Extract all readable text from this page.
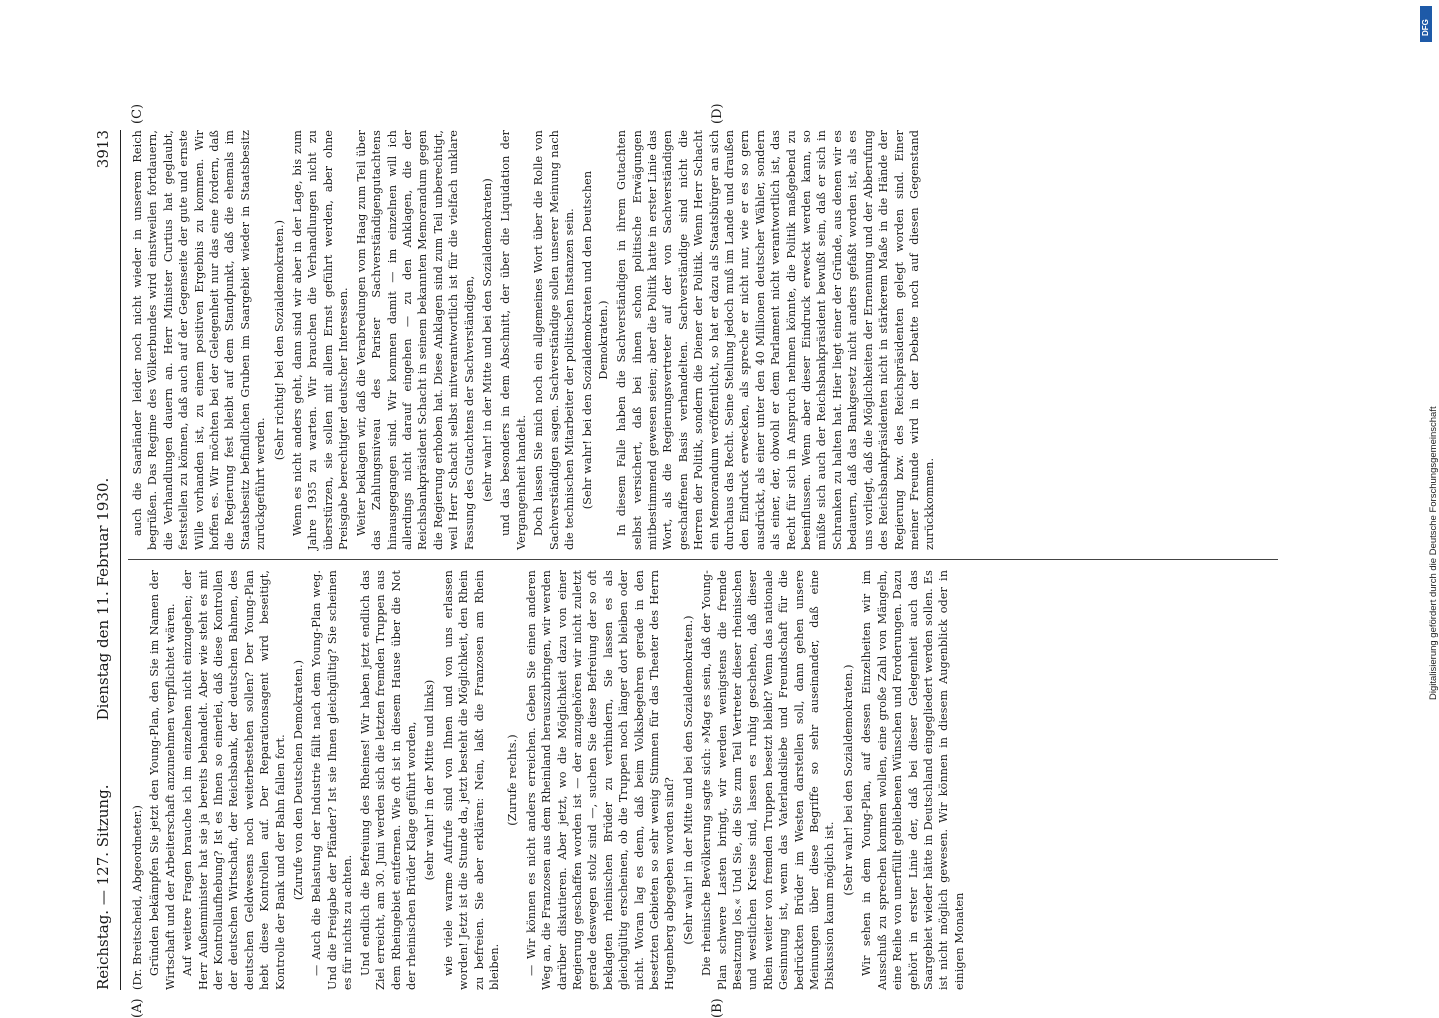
Reichstag. — 127. Sitzung.
Dienstag den 11. Februar 1930.  3913

(Dr. Breitscheid, Abgeordneter.) Gründen bekämpfen Sie jetzt den Young-Plan, den Sie im Namen der Wirtschaft und der Arbeiterschaft anzunehmen verpflichtet wären. Auf weitere Fragen brauche ich im einzelnen nicht einzugehen; der Herr Außenminister hat sie ja bereits behandelt. Aber wie steht es mit der Kontrollaufhebung? Ist es Ihnen so einerlei, daß diese Kontrollen der deutschen Wirtschaft, der Reichsbank, der deutschen Bahnen, des deutschen Geldwesens noch weiterbestehen sollen? Der Young-Plan hebt diese Kontrollen auf. Der Reparationsagent wird beseitigt, Kontrolle der Bank und der Bahn fallen fort. (Zurufe von den Deutschen Demokraten.) — Auch die Belastung der Industrie fällt nach dem Young-Plan weg. Und die Freigabe der Pfänder? Ist sie Ihnen gleichgültig? Sie scheinen es für nichts zu achten. Und endlich die Befreiung des Rheines! Wir haben jetzt endlich das Ziel erreicht, am 30. Juni werden sich die letzten fremden Truppen aus dem Rheingebiet entfernen. Wie oft ist in diesem Hause über die Not der rheinischen Brüder Klage geführt worden, (sehr wahr! in der Mitte und links) wie viele warme Aufrufe sind von Ihnen und von uns erlassen worden! Jetzt ist die Stunde da, jetzt besteht die Möglichkeit, den Rhein zu befreien. Sie aber erklären: Nein, laßt die Franzosen am Rhein bleiben.

(Zurufe rechts.) — Wir können es nicht anders erreichen. Geben Sie einen anderen Weg an, die Franzosen aus dem Rheinland herauszubringen, wir werden darüber diskutieren. Aber jetzt, wo die Möglichkeit dazu von einer Regierung geschaffen worden ist — der anzugehören wir nicht zuletzt gerade deswegen stolz sind —, suchen Sie diese Befreiung der so oft beklagten rheinischen Brüder zu verhindern, Sie lassen es als gleichgültig erscheinen, ob die Truppen noch länger dort bleiben oder nicht. Woran lag es denn, daß beim Volksbegehren gerade in den besetzten Gebieten so sehr wenig Stimmen für das Theater des Herrn Hugenberg abgegeben worden sind? (Sehr wahr! in der Mitte und bei den Sozialdemokraten.) Die rheinische Bevölkerung sagte sich: »Mag es sein, daß der Young-Plan schwere Lasten bringt, wir werden wenigstens die fremde Besatzung los.« Und Sie, die Sie zum Teil Vertreter dieser rheinischen und westlichen Kreise sind, lassen es ruhig geschehen, daß dieser Rhein weiter von fremden Truppen besetzt bleibt? Wenn das nationale Gesinnung ist, wenn das Vaterlandsliebe und Freundschaft für die bedrückten Brüder im Westen darstellen soll, dann gehen unsere Meinungen über diese Begriffe so sehr auseinander, daß eine Diskussion kaum möglich ist.

(Sehr wahr! bei den Sozialdemokraten.) Wir sehen in dem Young-Plan, auf dessen Einzelheiten wir im Ausschuß zu sprechen kommen wollen, eine große Zahl von Mängeln, eine Reihe von unerfüllt gebliebenen Wünschen und Forderungen. Dazu gehört in erster Linie der, daß bei dieser Gelegenheit auch das Saargebiet wieder hätte in Deutschland eingegliedert werden sollen. Es ist nicht möglich gewesen. Wir können in diesem Augenblick oder in einigen Monaten

auch die Saarländer leider noch nicht wieder in unserem Reich begrüßen. Das Regime des Völkerbundes wird einstweilen fortdauern, die Verhandlungen dauern an. Herr Minister Curtius hat geglaubt, feststellen zu können, daß auch auf der Gegenseite der gute und ernste Wille vorhanden ist, zu einem positiven Ergebnis zu kommen. Wir hoffen es. Wir möchten bei der Gelegenheit nur das eine fordern, daß die Regierung fest bleibt auf dem Standpunkt, daß die ehemals im Staatsbesitz befindlichen Gruben im Saargebiet wieder in Staatsbesitz zurückgeführt werden.

(Sehr richtig! bei den Sozialdemokraten.) Wenn es nicht anders geht, dann sind wir aber in der Lage, bis zum Jahre 1935 zu warten. Wir brauchen die Verhandlungen nicht zu überstürzen, sie sollen mit allem Ernst geführt werden, aber ohne Preisgabe berechtigter deutscher Interessen. Weiter beklagen wir, daß die Verabredungen vom Haag zum Teil über das Zahlungsniveau des Pariser Sachverständigengutachtens hinausgegangen sind. Wir kommen damit — im einzelnen will ich allerdings nicht darauf eingehen — zu den Anklagen, die der Reichsbankpräsident Schacht in seinem bekannten Memorandum gegen die Regierung erhoben hat. Diese Anklagen sind zum Teil unberechtigt, weil Herr Schacht selbst mitverantwortlich ist für die vielfach unklare Fassung des Gutachtens der Sachverständigen, (sehr wahr! in der Mitte und bei den Sozialdemokraten) und das besonders in dem Abschnitt, der über die Liquidation der Vergangenheit handelt. Doch lassen Sie mich noch ein allgemeines Wort über die Rolle von Sachverständigen sagen. Sachverständige sollen unserer Meinung nach die technischen Mitarbeiter der politischen Instanzen sein. (Sehr wahr! bei den Sozialdemokraten und den Deutschen Demokraten.) In diesem Falle haben die Sachverständigen in ihrem Gutachten selbst versichert, daß bei ihnen schon politische Erwägungen mitbestimmend gewesen seien; aber die Politik hatte in erster Linie das Wort, als die Regierungsvertreter auf der von Sachverständigen geschaffenen Basis verhandelten. Sachverständige sind nicht die Herren der Politik, sondern die Diener der Politik. Wenn Herr Schacht ein Memorandum veröffentlicht, so hat er dazu als Staatsbürger an sich durchaus das Recht. Seine Stellung jedoch muß im Lande und draußen den Eindruck erwecken, als spreche er nicht nur, wie er es so gern ausdrückt, als einer unter den 40 Millionen deutscher Wähler, sondern als einer, der, obwohl er dem Parlament nicht verantwortlich ist, das Recht für sich in Anspruch nehmen könnte, die Politik maßgebend zu beeinflussen. Wenn aber dieser Eindruck erweckt werden kann, so müßte sich auch der Reichsbankpräsident bewußt sein, daß er sich in Schranken zu halten hat. Hier liegt einer der Gründe, aus denen wir es bedauern, daß das Bankgesetz nicht anders gefaßt worden ist, als es uns vorliegt, daß die Möglichkeiten der Ernennung und der Abberufung des Reichsbankpräsidenten nicht in stärkerem Maße in die Hände der Regierung bzw. des Reichspräsidenten gelegt worden sind. Einer meiner Freunde wird in der Debatte noch auf diesen Gegenstand zurückkommen.

(A)	(B)
(C)	(D)
DFG
Digitalisierung gefördert durch die Deutsche Forschungsgemeinschaft
